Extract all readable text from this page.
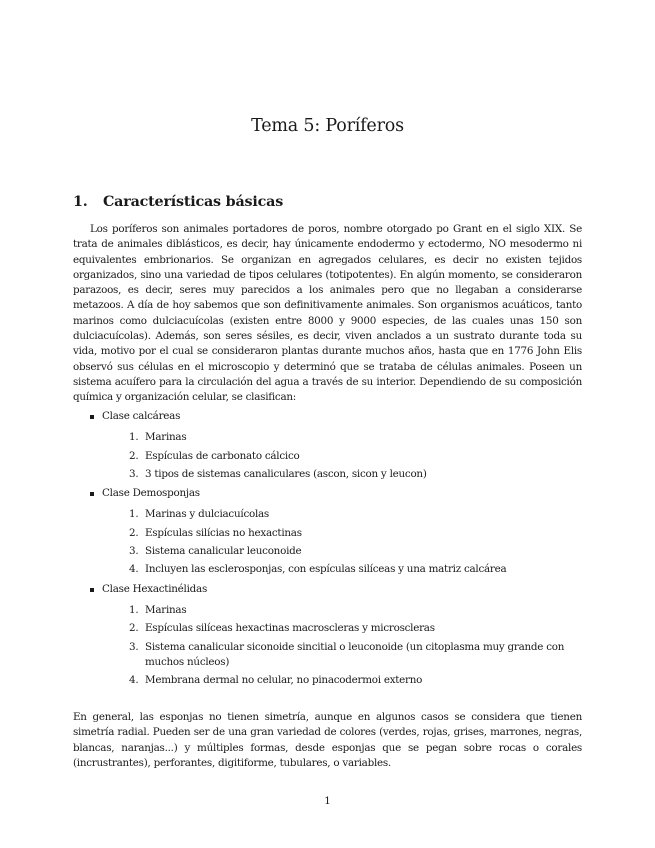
Tema 5: Poríferos
1. Características básicas

Los poríferos son animales portadores de poros, nombre otorgado po Grant en el siglo XIX. Se trata de animales diblásticos, es decir, hay únicamente endodermo y ectodermo, NO mesodermo ni equivalentes embrionarios. Se organizan en agregados celulares, es decir no existen tejidos organizados, sino una variedad de tipos celulares (totipotentes). En algún momento, se consideraron parazoos, es decir, seres muy parecidos a los animales pero que no llegaban a considerarse metazoos. A día de hoy sabemos que son definitivamente animales. Son organismos acuáticos, tanto marinos como dulciacuícolas (existen entre 8000 y 9000 especies, de las cuales unas 150 son dulciacuícolas). Además, son seres sésiles, es decir, viven anclados a un sustrato durante toda su vida, motivo por el cual se consideraron plantas durante muchos años, hasta que en 1776 John Elis observó sus células en el microscopio y determinó que se trataba de células animales. Poseen un sistema acuífero para la circulación del agua a través de su interior. Dependiendo de su composición química y organización celular, se clasifican:

Clase calcáreas
1. Marinas
2. Espículas de carbonato cálcico
3. 3 tipos de sistemas canaliculares (ascon, sicon y leucon)
Clase Demosponjas
1. Marinas y dulciacuícolas
2. Espículas silícias no hexactinas
3. Sistema canalicular leuconoide
4. Incluyen las esclerosponjas, con espículas silíceas y una matriz calcárea
Clase Hexactinélidas
1. Marinas
2. Espículas silíceas hexactinas macroscleras y microscleras
3. Sistema canalicular siconoide sincitial o leuconoide (un citoplasma muy grande con muchos núcleos)
4. Membrana dermal no celular, no pinacodermoi externo

En general, las esponjas no tienen simetría, aunque en algunos casos se considera que tienen simetría radial. Pueden ser de una gran variedad de colores (verdes, rojas, grises, marrones, negras, blancas, naranjas...) y múltiples formas, desde esponjas que se pegan sobre rocas o corales (incrustrantes), perforantes, digitiforme, tubulares, o variables.

1
